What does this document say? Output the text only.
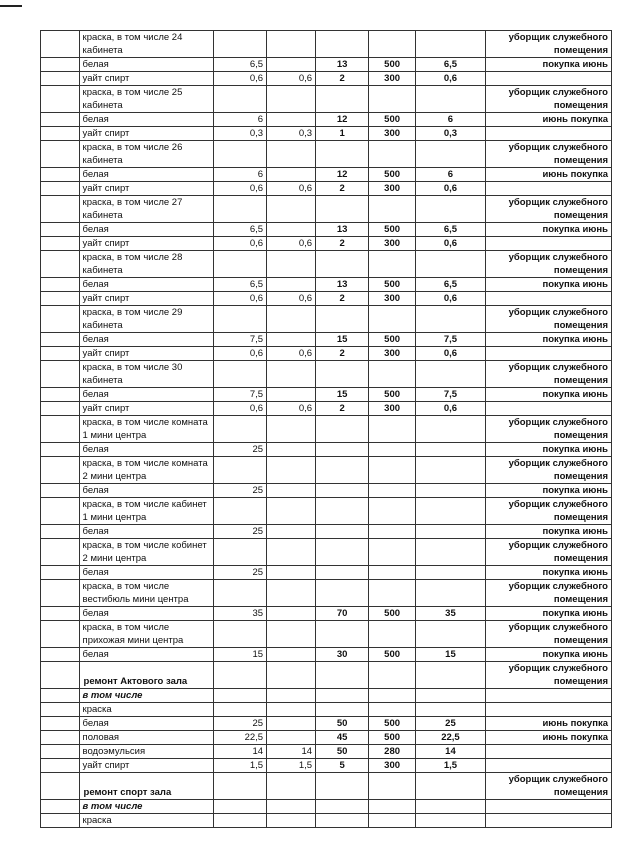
	краска, в том числе 24 кабинета						уборщик служебного помещения
	белая	6,5		13	500	6,5	покупка июнь
	уайт спирт	0,6	0,6	2	300	0,6	
	краска, в том числе 25 кабинета						уборщик служебного помещения
	белая	6		12	500	6	июнь покупка
	уайт спирт	0,3	0,3	1	300	0,3	
	краска, в том числе 26 кабинета						уборщик служебного помещения
	белая	6		12	500	6	июнь покупка
	уайт спирт	0,6	0,6	2	300	0,6	
	краска, в том числе 27 кабинета						уборщик служебного помещения
	белая	6,5		13	500	6,5	покупка июнь
	уайт спирт	0,6	0,6	2	300	0,6	
	краска, в том числе 28 кабинета						уборщик служебного помещения
	белая	6,5		13	500	6,5	покупка июнь
	уайт спирт	0,6	0,6	2	300	0,6	
	краска, в том числе 29 кабинета						уборщик служебного помещения
	белая	7,5		15	500	7,5	покупка июнь
	уайт спирт	0,6	0,6	2	300	0,6	
	краска, в том числе 30 кабинета						уборщик служебного помещения
	белая	7,5		15	500	7,5	покупка июнь
	уайт спирт	0,6	0,6	2	300	0,6	
	краска, в том числе комната 1 мини центра						уборщик служебного помещения
	белая	25					покупка июнь
	краска, в том числе комната 2 мини центра						уборщик служебного помещения
	белая	25					покупка июнь
	краска, в том числе кабинет 1 мини центра						уборщик служебного помещения
	белая	25					покупка июнь
	краска, в том числе кобинет 2 мини центра						уборщик служебного помещения
	белая	25					покупка июнь
	краска, в том числе вестибюль мини центра						уборщик служебного помещения
	белая	35		70	500	35	покупка июнь
	краска, в том числе прихожая мини центра						уборщик служебного помещения
	белая	15		30	500	15	покупка июнь
	ремонт Актового зала						уборщик служебного помещения
	в том числе						
	краска						
	белая	25		50	500	25	июнь покупка
	половая	22,5		45	500	22,5	июнь покупка
	водоэмульсия	14	14	50	280	14	
	уайт спирт	1,5	1,5	5	300	1,5	
	ремонт спорт зала						уборщик служебного помещения
	в том числе						
	краска						
